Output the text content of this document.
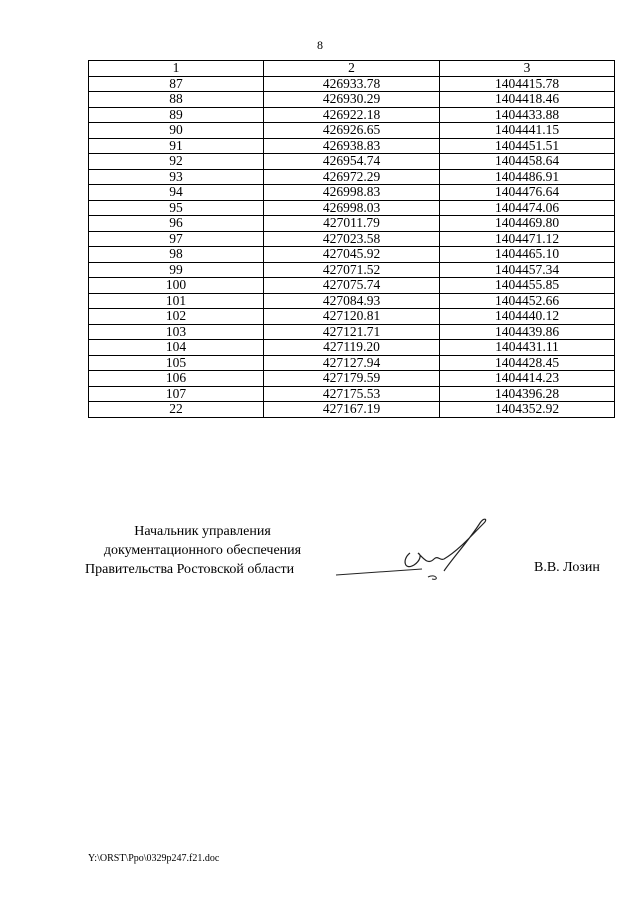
8
1	2	3
87	426933.78	1404415.78
88	426930.29	1404418.46
89	426922.18	1404433.88
90	426926.65	1404441.15
91	426938.83	1404451.51
92	426954.74	1404458.64
93	426972.29	1404486.91
94	426998.83	1404476.64
95	426998.03	1404474.06
96	427011.79	1404469.80
97	427023.58	1404471.12
98	427045.92	1404465.10
99	427071.52	1404457.34
100	427075.74	1404455.85
101	427084.93	1404452.66
102	427120.81	1404440.12
103	427121.71	1404439.86
104	427119.20	1404431.11
105	427127.94	1404428.45
106	427179.59	1404414.23
107	427175.53	1404396.28
22	427167.19	1404352.92
Начальник управления
документационного обеспечения
Правительства Ростовской области	В.В. Лозин
Y:\ORST\Ppo\0329p247.f21.doc
